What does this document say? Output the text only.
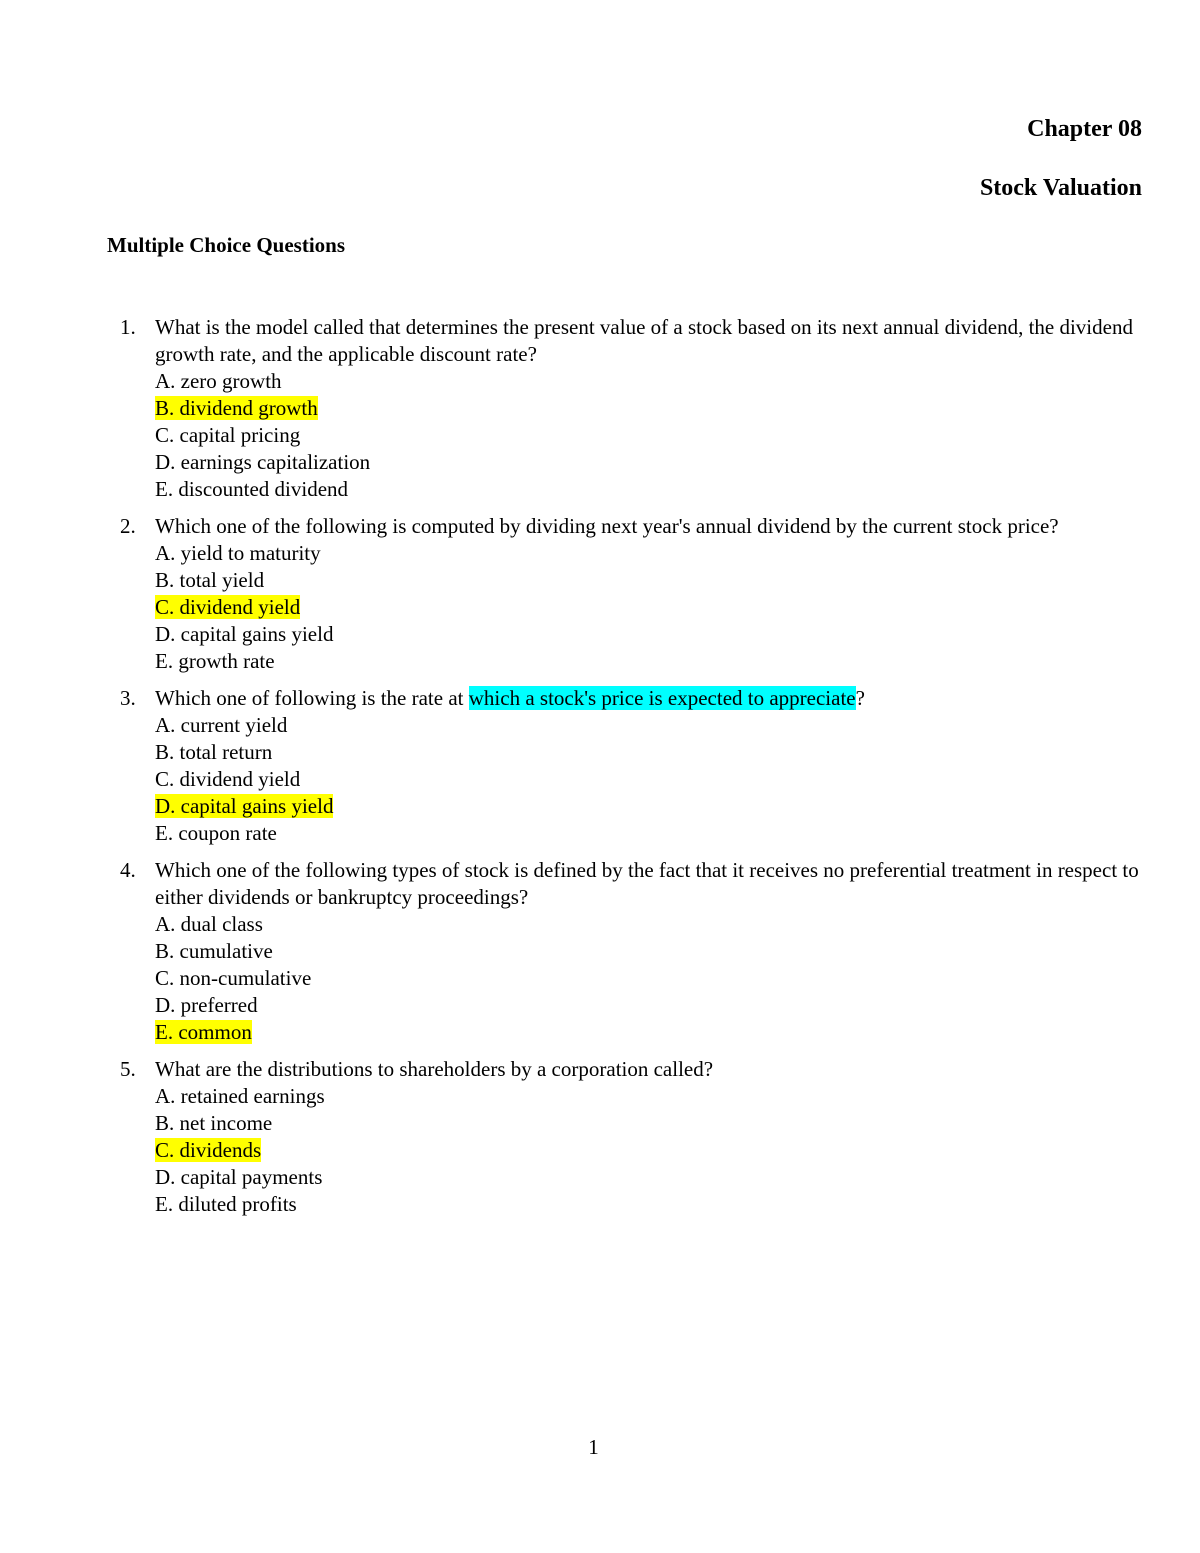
Chapter 08
Stock Valuation
Multiple Choice Questions
1. What is the model called that determines the present value of a stock based on its next annual dividend, the dividend growth rate, and the applicable discount rate?
A. zero growth
B. dividend growth
C. capital pricing
D. earnings capitalization
E. discounted dividend
2. Which one of the following is computed by dividing next year's annual dividend by the current stock price?
A. yield to maturity
B. total yield
C. dividend yield
D. capital gains yield
E. growth rate
3. Which one of following is the rate at which a stock's price is expected to appreciate?
A. current yield
B. total return
C. dividend yield
D. capital gains yield
E. coupon rate
4. Which one of the following types of stock is defined by the fact that it receives no preferential treatment in respect to either dividends or bankruptcy proceedings?
A. dual class
B. cumulative
C. non-cumulative
D. preferred
E. common
5. What are the distributions to shareholders by a corporation called?
A. retained earnings
B. net income
C. dividends
D. capital payments
E. diluted profits
1
